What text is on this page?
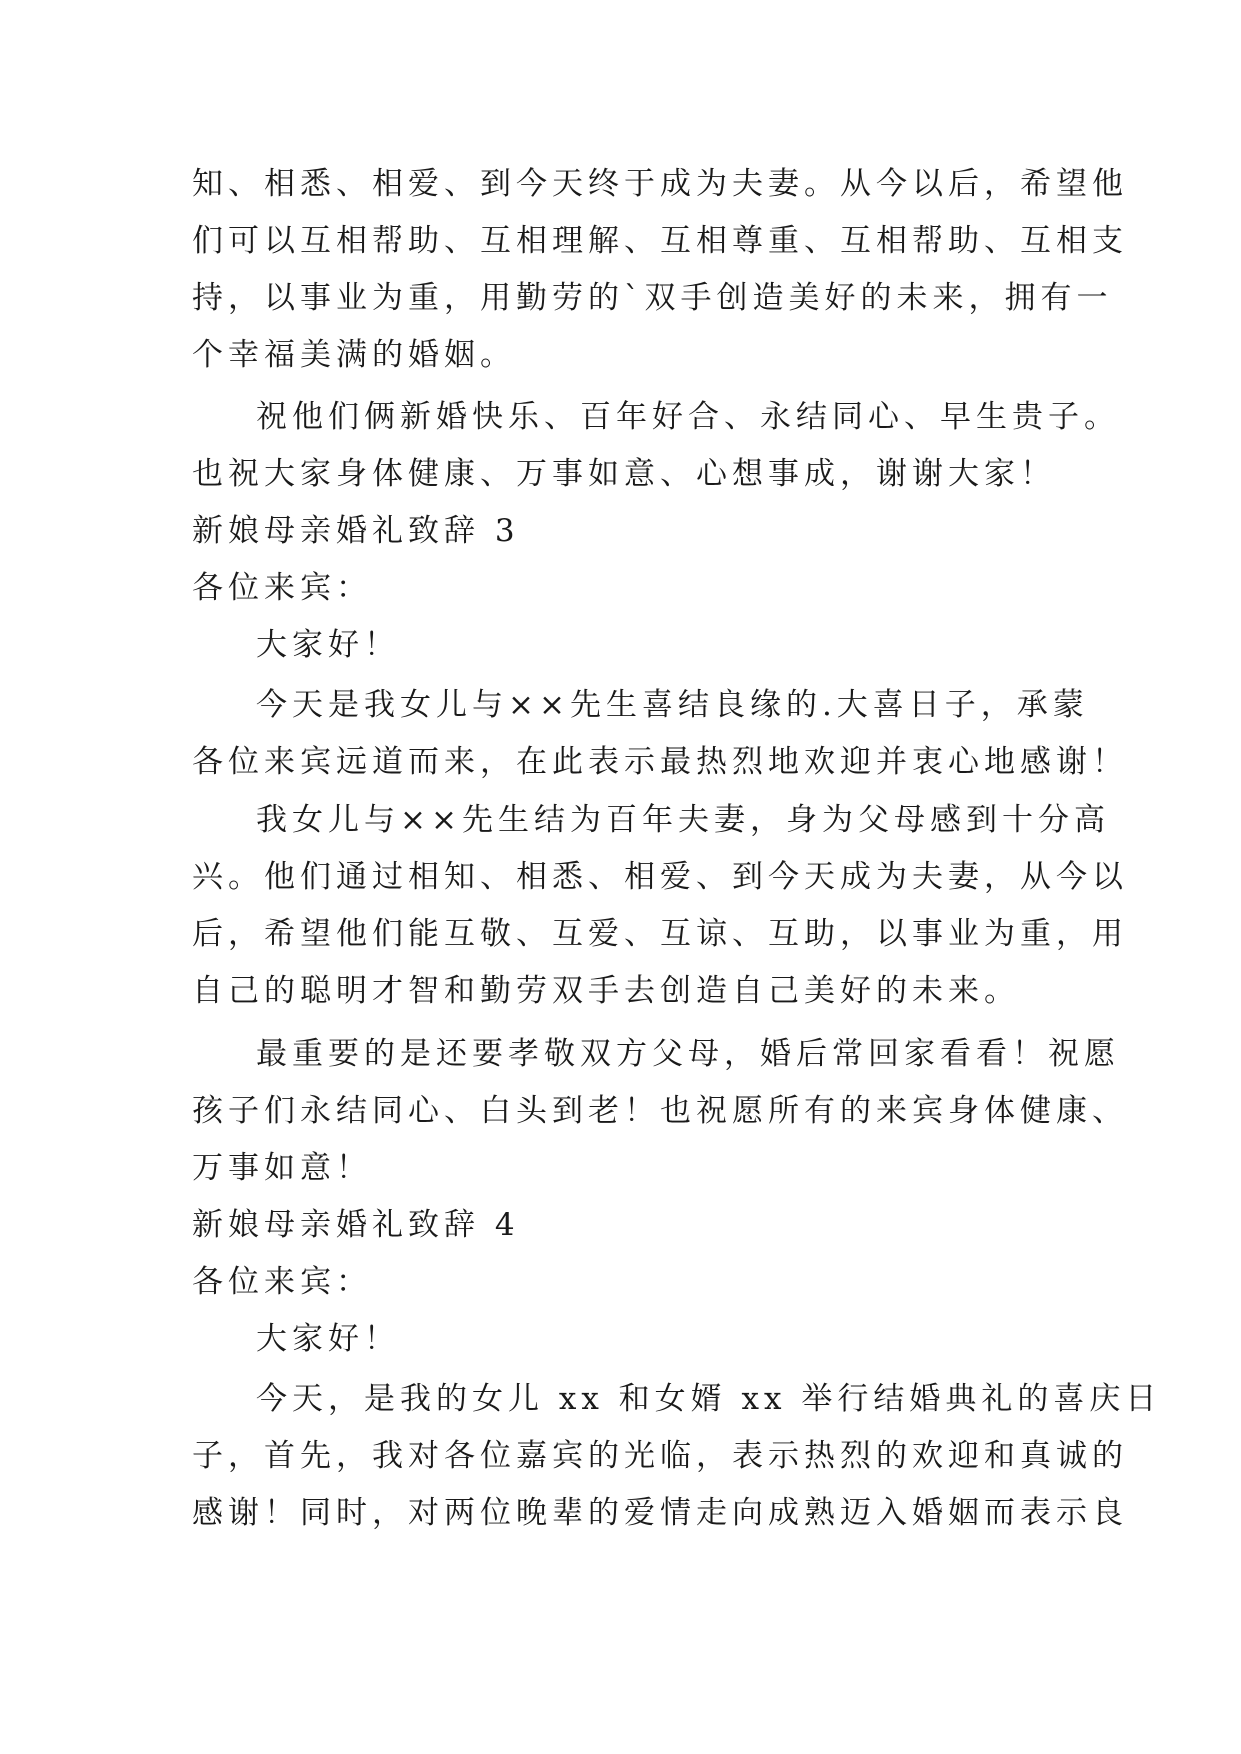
知、相悉、相爱、到今天终于成为夫妻。从今以后，希望他

们可以互相帮助、互相理解、互相尊重、互相帮助、互相支

持，以事业为重，用勤劳的`双手创造美好的未来，拥有一

个幸福美满的婚姻。

祝他们俩新婚快乐、百年好合、永结同心、早生贵子。

也祝大家身体健康、万事如意、心想事成，谢谢大家！

新娘母亲婚礼致辞 3

各位来宾：

大家好！

今天是我女儿与××先生喜结良缘的.大喜日子，承蒙

各位来宾远道而来，在此表示最热烈地欢迎并衷心地感谢！

我女儿与××先生结为百年夫妻，身为父母感到十分高

兴。他们通过相知、相悉、相爱、到今天成为夫妻，从今以

后，希望他们能互敬、互爱、互谅、互助，以事业为重，用

自己的聪明才智和勤劳双手去创造自己美好的未来。

最重要的是还要孝敬双方父母，婚后常回家看看！祝愿

孩子们永结同心、白头到老！也祝愿所有的来宾身体健康、

万事如意！

新娘母亲婚礼致辞 4

各位来宾：

大家好！

今天，是我的女儿 xx 和女婿 xx 举行结婚典礼的喜庆日

子，首先，我对各位嘉宾的光临，表示热烈的欢迎和真诚的

感谢！同时，对两位晚辈的爱情走向成熟迈入婚姻而表示良
